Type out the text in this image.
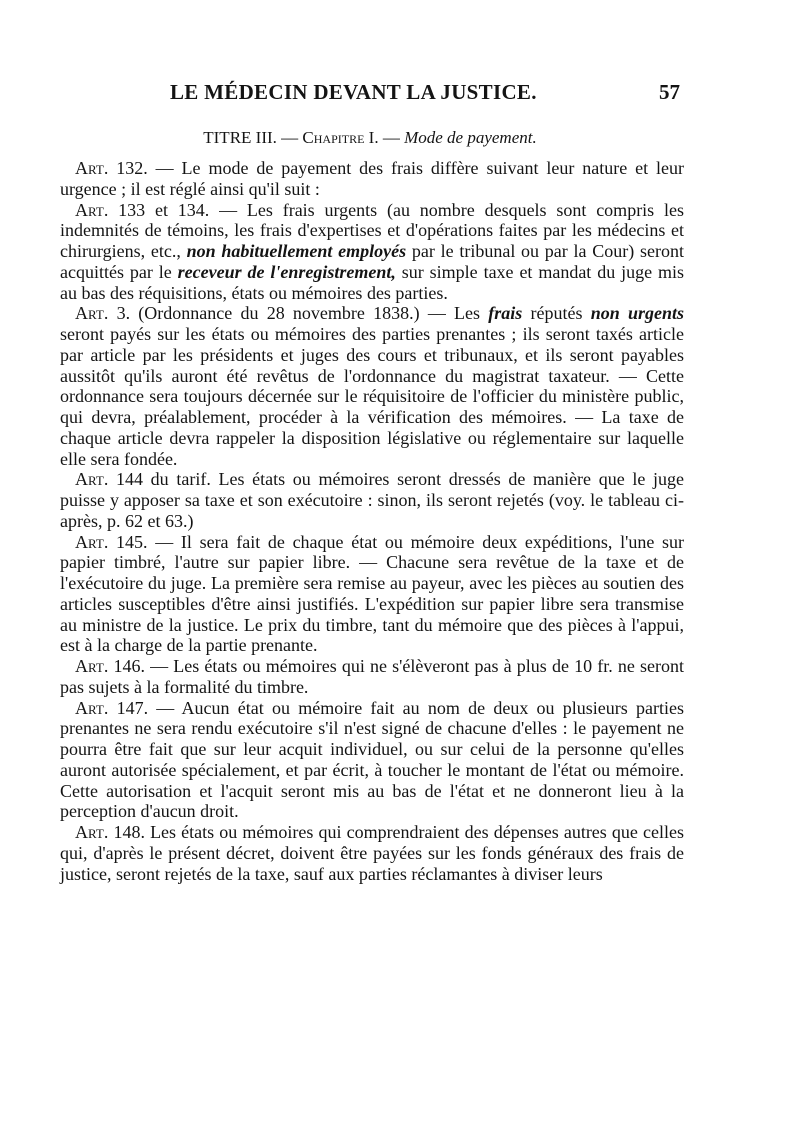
LE MÉDECIN DEVANT LA JUSTICE.	57
TITRE III. — Chapitre I. — Mode de payement.

Art. 132. — Le mode de payement des frais diffère suivant leur nature et leur urgence ; il est réglé ainsi qu'il suit :

Art. 133 et 134. — Les frais urgents (au nombre desquels sont compris les indemnités de témoins, les frais d'expertises et d'opérations faites par les médecins et chirurgiens, etc., non habituellement employés par le tribunal ou par la Cour) seront acquittés par le receveur de l'enregistrement, sur simple taxe et mandat du juge mis au bas des réquisitions, états ou mémoires des parties.

Art. 3. (Ordonnance du 28 novembre 1838.) — Les frais réputés non urgents seront payés sur les états ou mémoires des parties prenantes ; ils seront taxés article par article par les présidents et juges des cours et tribunaux, et ils seront payables aussitôt qu'ils auront été revêtus de l'ordonnance du magistrat taxateur. — Cette ordonnance sera toujours décernée sur le réquisitoire de l'officier du ministère public, qui devra, préalablement, procéder à la vérification des mémoires. — La taxe de chaque article devra rappeler la disposition législative ou réglementaire sur laquelle elle sera fondée.

Art. 144 du tarif. Les états ou mémoires seront dressés de manière que le juge puisse y apposer sa taxe et son exécutoire : sinon, ils seront rejetés (voy. le tableau ci-après, p. 62 et 63.)

Art. 145. — Il sera fait de chaque état ou mémoire deux expéditions, l'une sur papier timbré, l'autre sur papier libre. — Chacune sera revêtue de la taxe et de l'exécutoire du juge. La première sera remise au payeur, avec les pièces au soutien des articles susceptibles d'être ainsi justifiés. L'expédition sur papier libre sera transmise au ministre de la justice. Le prix du timbre, tant du mémoire que des pièces à l'appui, est à la charge de la partie prenante.

Art. 146. — Les états ou mémoires qui ne s'élèveront pas à plus de 10 fr. ne seront pas sujets à la formalité du timbre.

Art. 147. — Aucun état ou mémoire fait au nom de deux ou plusieurs parties prenantes ne sera rendu exécutoire s'il n'est signé de chacune d'elles : le payement ne pourra être fait que sur leur acquit individuel, ou sur celui de la personne qu'elles auront autorisée spécialement, et par écrit, à toucher le montant de l'état ou mémoire. Cette autorisation et l'acquit seront mis au bas de l'état et ne donneront lieu à la perception d'aucun droit.

Art. 148. Les états ou mémoires qui comprendraient des dépenses autres que celles qui, d'après le présent décret, doivent être payées sur les fonds généraux des frais de justice, seront rejetés de la taxe, sauf aux parties réclamantes à diviser leurs
